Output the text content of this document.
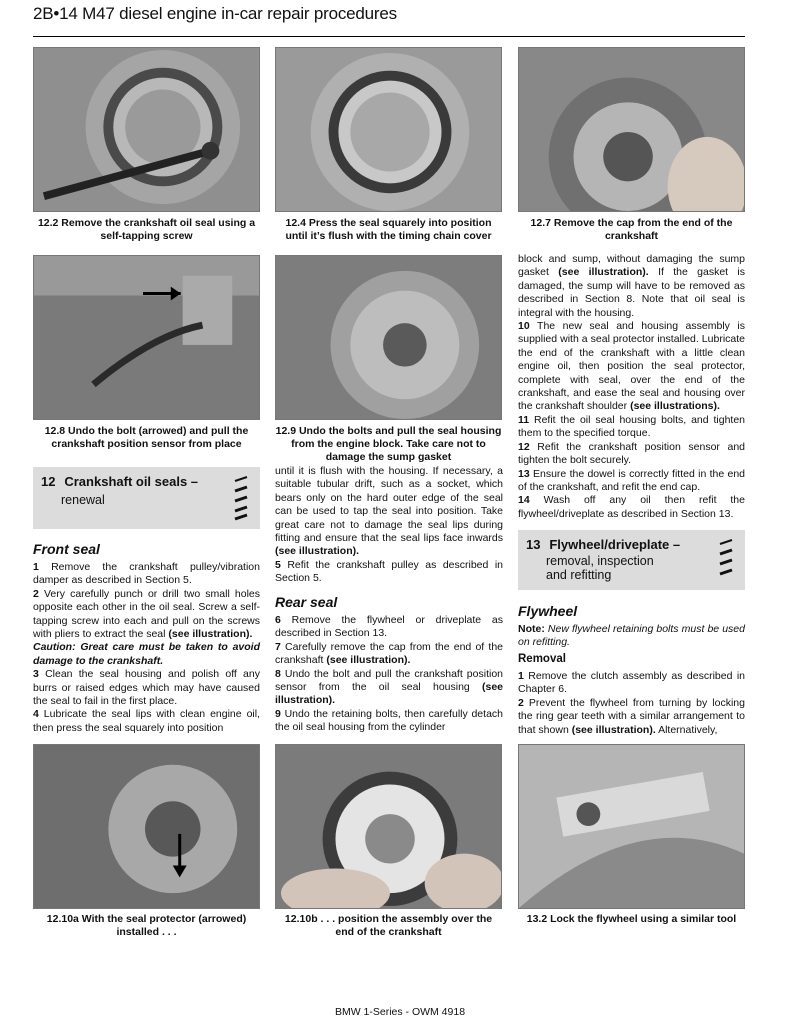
2B•14 M47 diesel engine in-car repair procedures
12.2 Remove the crankshaft oil seal using a self-tapping screw
12.4 Press the seal squarely into position until it’s flush with the timing chain cover
12.7 Remove the cap from the end of the crankshaft
12.8 Undo the bolt (arrowed) and pull the crankshaft position sensor from place
12.9 Undo the bolts and pull the seal housing from the engine block. Take care not to damage the sump gasket
12 Crankshaft oil seals –
renewal
Front seal

1 Remove the crankshaft pulley/vibration damper as described in Section 5.

2 Very carefully punch or drill two small holes opposite each other in the oil seal. Screw a self-tapping screw into each and pull on the screws with pliers to extract the seal (see illustration).

Caution: Great care must be taken to avoid damage to the crankshaft.

3 Clean the seal housing and polish off any burrs or raised edges which may have caused the seal to fail in the first place.

4 Lubricate the seal lips with clean engine oil, then press the seal squarely into position

until it is flush with the housing. If necessary, a suitable tubular drift, such as a socket, which bears only on the hard outer edge of the seal can be used to tap the seal into position. Take great care not to damage the seal lips during fitting and ensure that the seal lips face inwards (see illustration).

5 Refit the crankshaft pulley as described in Section 5.

Rear seal

6 Remove the flywheel or driveplate as described in Section 13.

7 Carefully remove the cap from the end of the crankshaft (see illustration).

8 Undo the bolt and pull the crankshaft position sensor from the oil seal housing (see illustration).

9 Undo the retaining bolts, then carefully detach the oil seal housing from the cylinder

block and sump, without damaging the sump gasket (see illustration). If the gasket is damaged, the sump will have to be removed as described in Section 8. Note that oil seal is integral with the housing.

10 The new seal and housing assembly is supplied with a seal protector installed. Lubricate the end of the crankshaft with a little clean engine oil, then position the seal protector, complete with seal, over the end of the crankshaft, and ease the seal and housing over the crankshaft shoulder (see illustrations).

11 Refit the oil seal housing bolts, and tighten them to the specified torque.

12 Refit the crankshaft position sensor and tighten the bolt securely.

13 Ensure the dowel is correctly fitted in the end of the crankshaft, and refit the end cap.

14 Wash off any oil then refit the flywheel/driveplate as described in Section 13.

13 Flywheel/driveplate –
removal, inspection
and refitting
Flywheel

Note: New flywheel retaining bolts must be used on refitting.

Removal

1 Remove the clutch assembly as described in Chapter 6.

2 Prevent the flywheel from turning by locking the ring gear teeth with a similar arrangement to that shown (see illustration). Alternatively,

12.10a With the seal protector (arrowed) installed . . .
12.10b . . . position the assembly over the end of the crankshaft
13.2 Lock the flywheel using a similar tool
BMW 1-Series - OWM 4918
